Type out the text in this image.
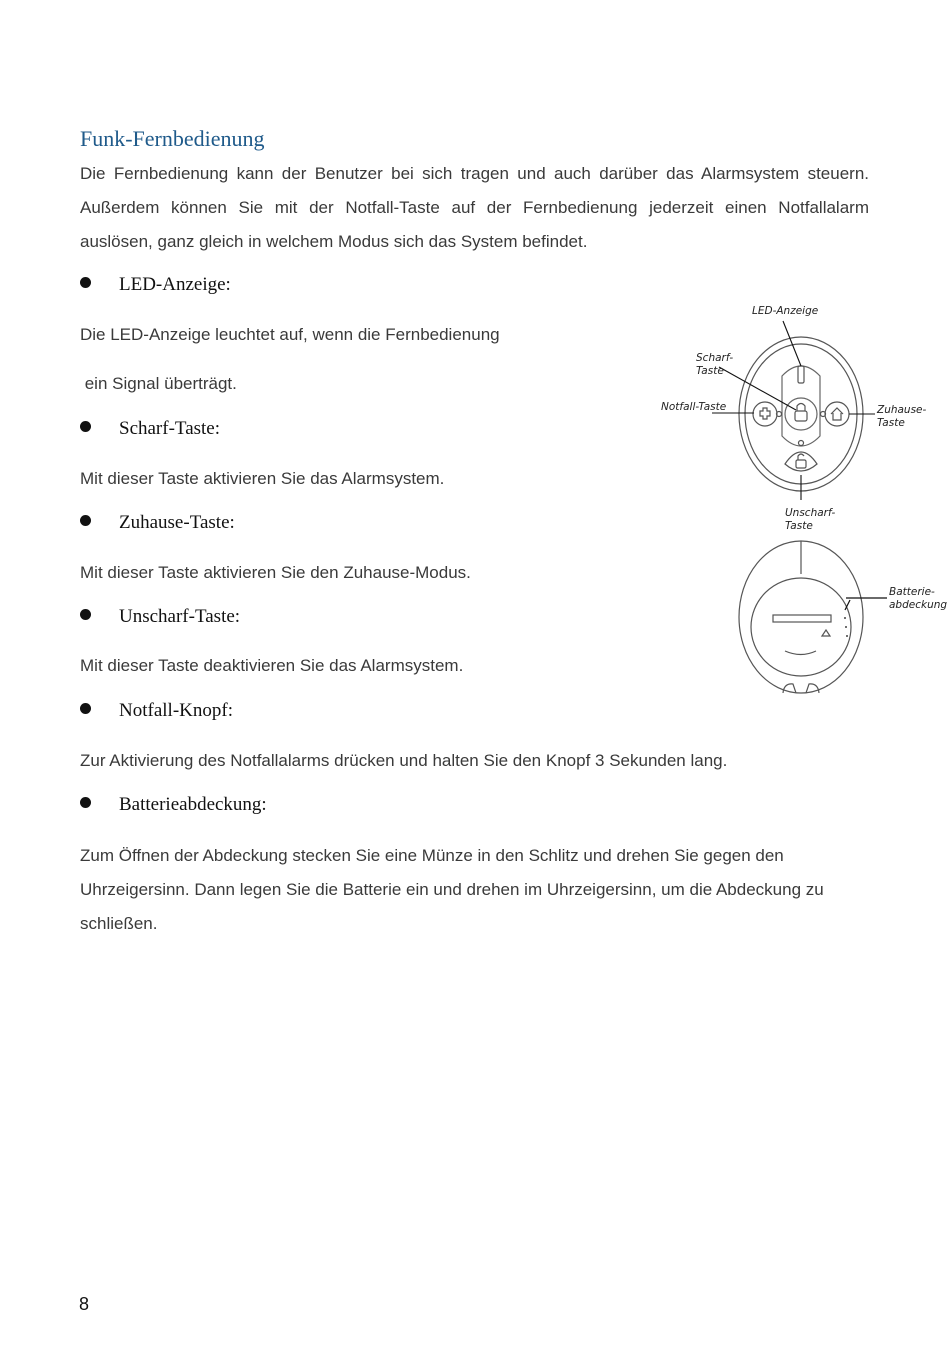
Funk-Fernbedienung
Die Fernbedienung kann der Benutzer bei sich tragen und auch darüber das Alarmsystem steuern. Außerdem können Sie mit der Notfall-Taste auf der Fernbedienung jederzeit einen Notfallalarm auslösen, ganz gleich in welchem Modus sich das System befindet.
LED-Anzeige:
Die LED-Anzeige leuchtet auf, wenn die Fernbedienung
ein Signal überträgt.
Scharf-Taste:
Mit dieser Taste aktivieren Sie das Alarmsystem.
Zuhause-Taste:
Mit dieser Taste aktivieren Sie den Zuhause-Modus.
Unscharf-Taste:
Mit dieser Taste deaktivieren Sie das Alarmsystem.
Notfall-Knopf:
Zur Aktivierung des Notfallalarms drücken und halten Sie den Knopf 3 Sekunden lang.
Batterieabdeckung:
Zum Öffnen der Abdeckung stecken Sie eine Münze in den Schlitz und drehen Sie gegen den Uhrzeigersinn. Dann legen Sie die Batterie ein und drehen im Uhrzeigersinn, um die Abdeckung zu schließen.
LED-Anzeige
Scharf-
Taste
Notfall-Taste	Zuhause-
Taste
Unscharf-
Taste
Batterie-
abdeckung
8
